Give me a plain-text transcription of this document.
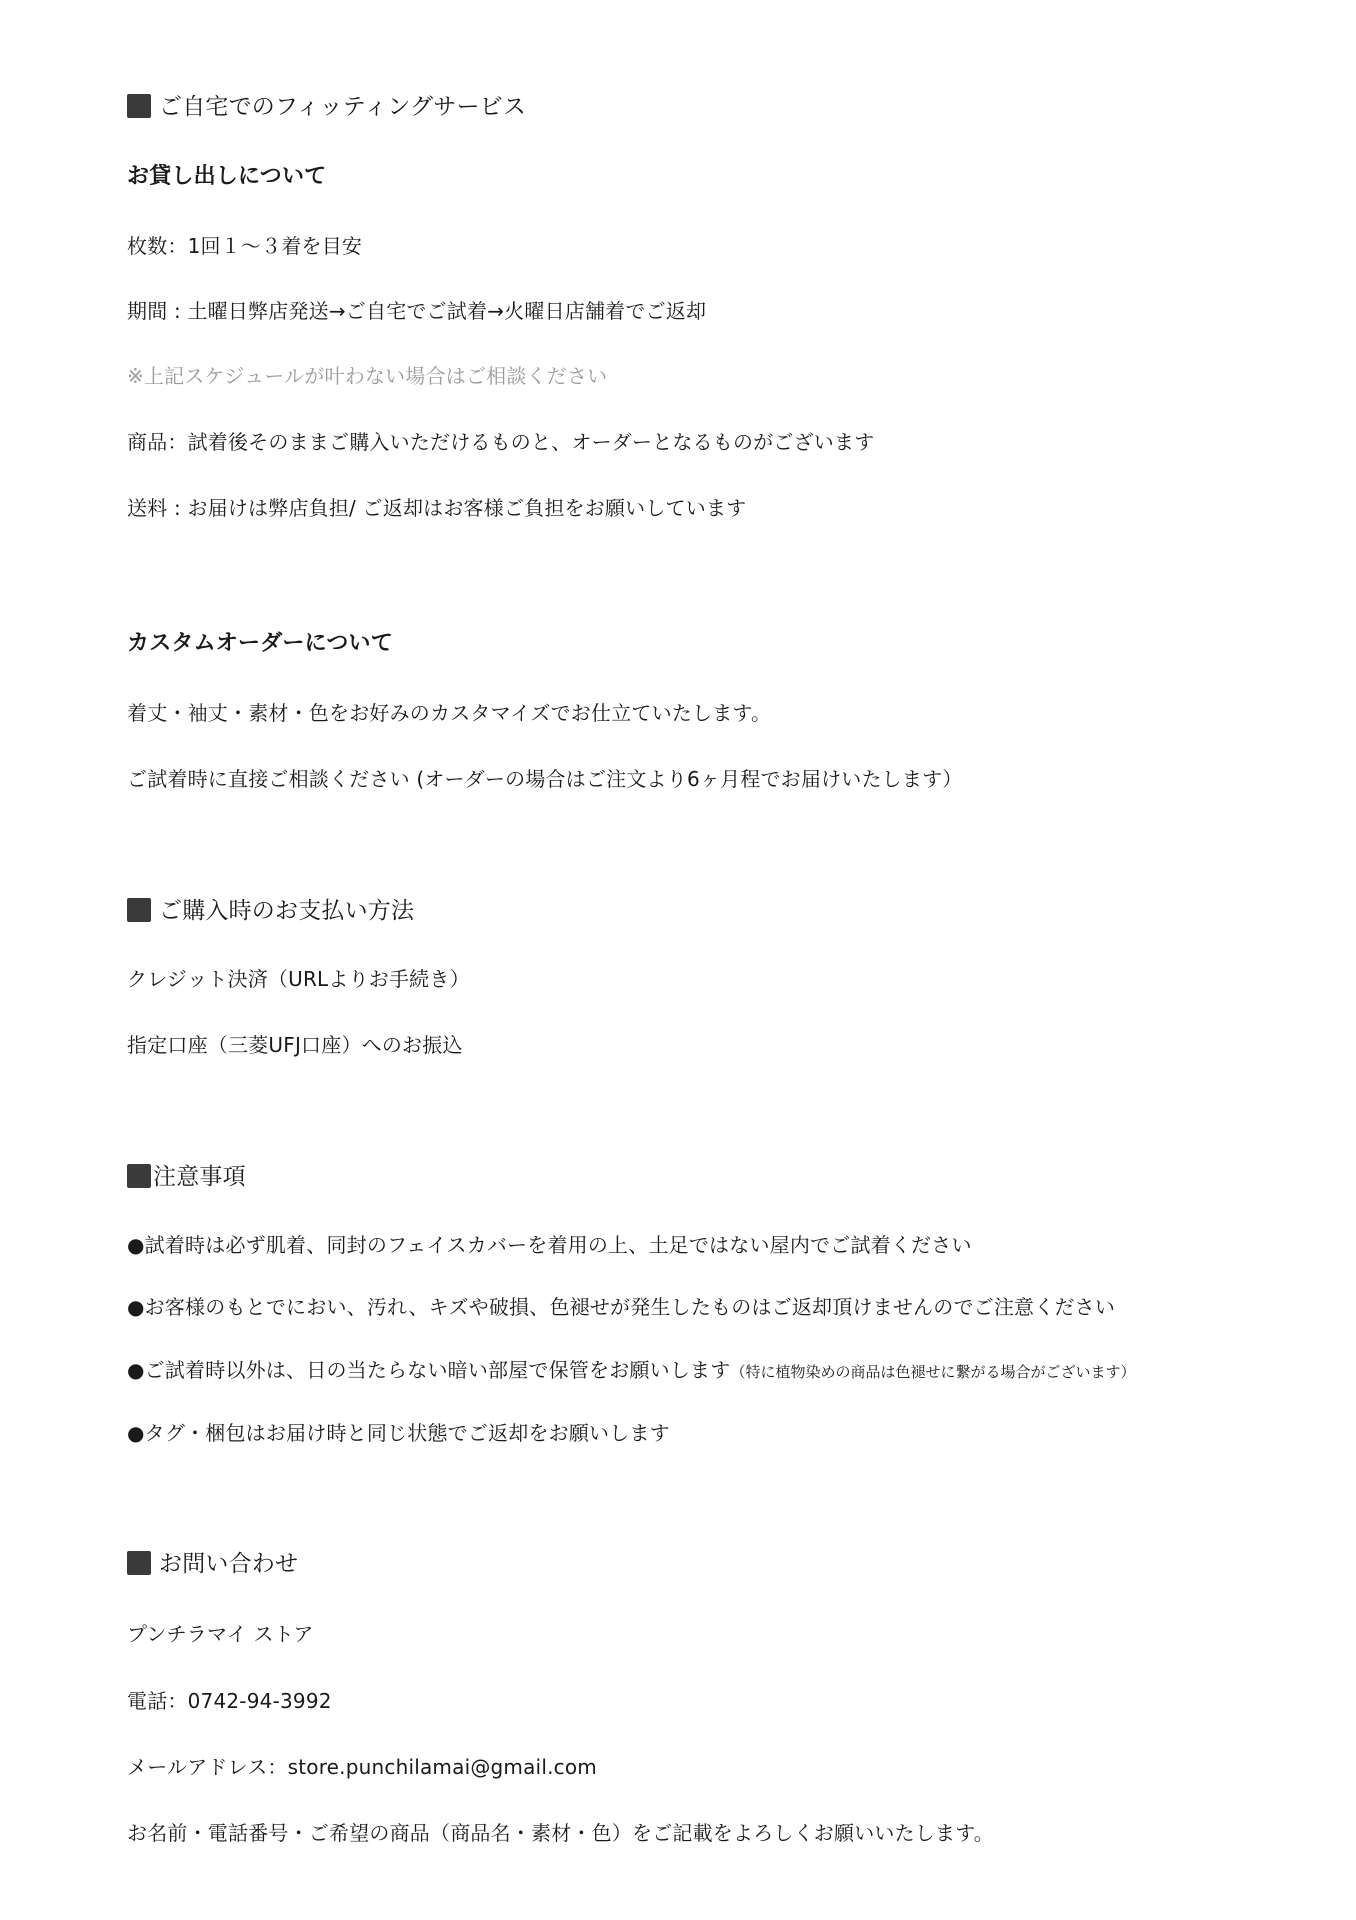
ご自宅でのフィッティングサービス
お貸し出しについて
枚数：1回１〜３着を目安
期間 : 土曜日弊店発送→ご自宅でご試着→火曜日店舗着でご返却
※上記スケジュールが叶わない場合はご相談ください
商品：試着後そのままご購入いただけるものと、オーダーとなるものがございます
送料 : お届けは弊店負担/ ご返却はお客様ご負担をお願いしています
カスタムオーダーについて
着丈・袖丈・素材・色をお好みのカスタマイズでお仕立ていたします。
ご試着時に直接ご相談ください (オーダーの場合はご注文より6ヶ月程でお届けいたします）
ご購入時のお支払い方法
クレジット決済（URLよりお手続き）
指定口座（三菱UFJ口座）へのお振込
注意事項
●試着時は必ず肌着、同封のフェイスカバーを着用の上、土足ではない屋内でご試着ください
●お客様のもとでにおい、汚れ、キズや破損、色褪せが発生したものはご返却頂けませんのでご注意ください
●ご試着時以外は、日の当たらない暗い部屋で保管をお願いします（特に植物染めの商品は色褪せに繋がる場合がございます）
●タグ・梱包はお届け時と同じ状態でご返却をお願いします
お問い合わせ
プンチラマイ ストア
電話：0742-94-3992
メールアドレス：store.punchilamai@gmail.com
お名前・電話番号・ご希望の商品（商品名・素材・色）をご記載をよろしくお願いいたします。
